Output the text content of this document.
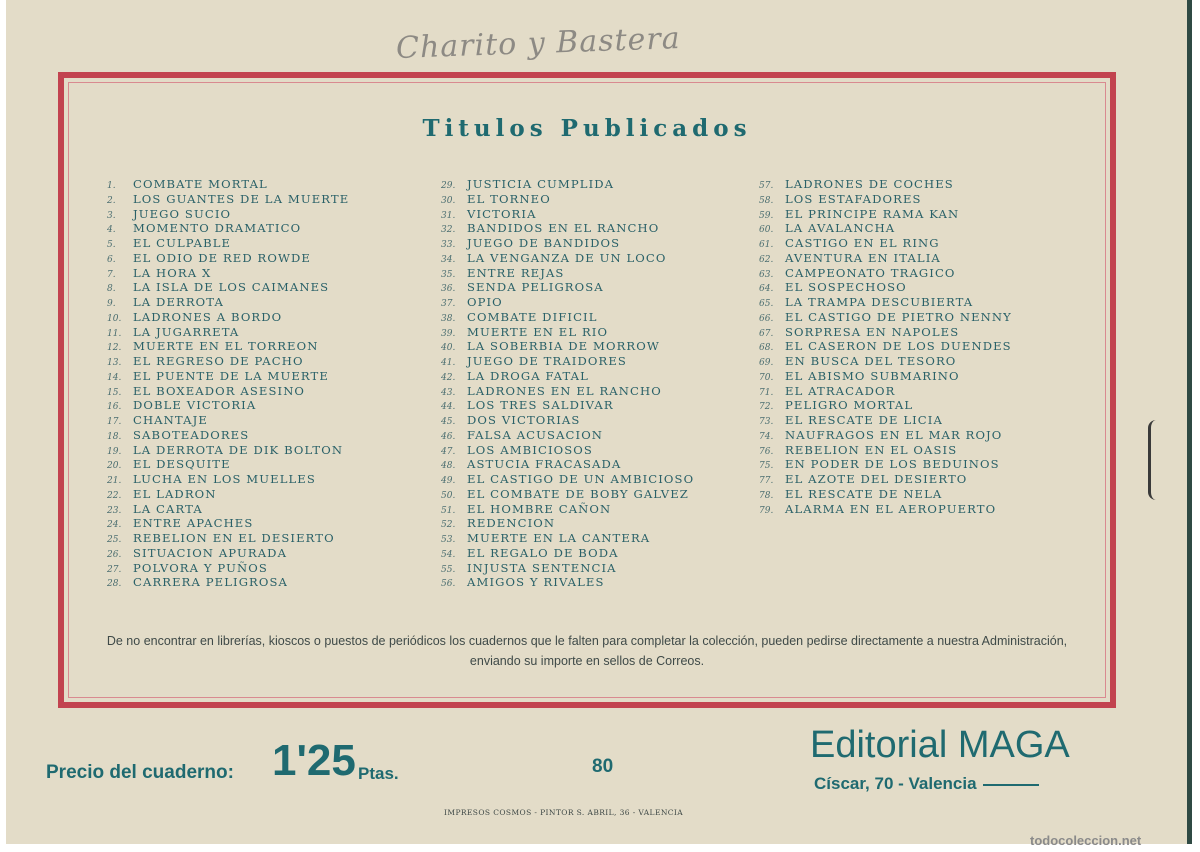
Charito y Bastera
Titulos Publicados
1. COMBATE MORTAL
2. LOS GUANTES DE LA MUERTE
3. JUEGO SUCIO
4. MOMENTO DRAMATICO
5. EL CULPABLE
6. EL ODIO DE RED ROWDE
7. LA HORA X
8. LA ISLA DE LOS CAIMANES
9. LA DERROTA
10. LADRONES A BORDO
11. LA JUGARRETA
12. MUERTE EN EL TORREON
13. EL REGRESO DE PACHO
14. EL PUENTE DE LA MUERTE
15. EL BOXEADOR ASESINO
16. DOBLE VICTORIA
17. CHANTAJE
18. SABOTEADORES
19. LA DERROTA DE DIK BOLTON
20. EL DESQUITE
21. LUCHA EN LOS MUELLES
22. EL LADRON
23. LA CARTA
24. ENTRE APACHES
25. REBELION EN EL DESIERTO
26. SITUACION APURADA
27. POLVORA Y PUÑOS
28. CARRERA PELIGROSA
29. JUSTICIA CUMPLIDA
30. EL TORNEO
31. VICTORIA
32. BANDIDOS EN EL RANCHO
33. JUEGO DE BANDIDOS
34. LA VENGANZA DE UN LOCO
35. ENTRE REJAS
36. SENDA PELIGROSA
37. OPIO
38. COMBATE DIFICIL
39. MUERTE EN EL RIO
40. LA SOBERBIA DE MORROW
41. JUEGO DE TRAIDORES
42. LA DROGA FATAL
43. LADRONES EN EL RANCHO
44. LOS TRES SALDIVAR
45. DOS VICTORIAS
46. FALSA ACUSACION
47. LOS AMBICIOSOS
48. ASTUCIA FRACASADA
49. EL CASTIGO DE UN AMBICIOSO
50. EL COMBATE DE BOBY GALVEZ
51. EL HOMBRE CAÑON
52. REDENCION
53. MUERTE EN LA CANTERA
54. EL REGALO DE BODA
55. INJUSTA SENTENCIA
56. AMIGOS Y RIVALES
57. LADRONES DE COCHES
58. LOS ESTAFADORES
59. EL PRINCIPE RAMA KAN
60. LA AVALANCHA
61. CASTIGO EN EL RING
62. AVENTURA EN ITALIA
63. CAMPEONATO TRAGICO
64. EL SOSPECHOSO
65. LA TRAMPA DESCUBIERTA
66. EL CASTIGO DE PIETRO NENNY
67. SORPRESA EN NAPOLES
68. EL CASERON DE LOS DUENDES
69. EN BUSCA DEL TESORO
70. EL ABISMO SUBMARINO
71. EL ATRACADOR
72. PELIGRO MORTAL
73. EL RESCATE DE LICIA
74. NAUFRAGOS EN EL MAR ROJO
76. REBELION EN EL OASIS
75. EN PODER DE LOS BEDUINOS
77. EL AZOTE DEL DESIERTO
78. EL RESCATE DE NELA
79. ALARMA EN EL AEROPUERTO
De no encontrar en librerías, kioscos o puestos de periódicos los cuadernos que le falten para completar la colección, pueden pedirse directamente a nuestra Administración, enviando su importe en sellos de Correos.
Precio del cuaderno: 1'25 Ptas.	80
Editorial MAGA
Císcar, 70 - Valencia
IMPRESOS COSMOS - PINTOR S. ABRIL, 36 - VALENCIA
todocoleccion.net
